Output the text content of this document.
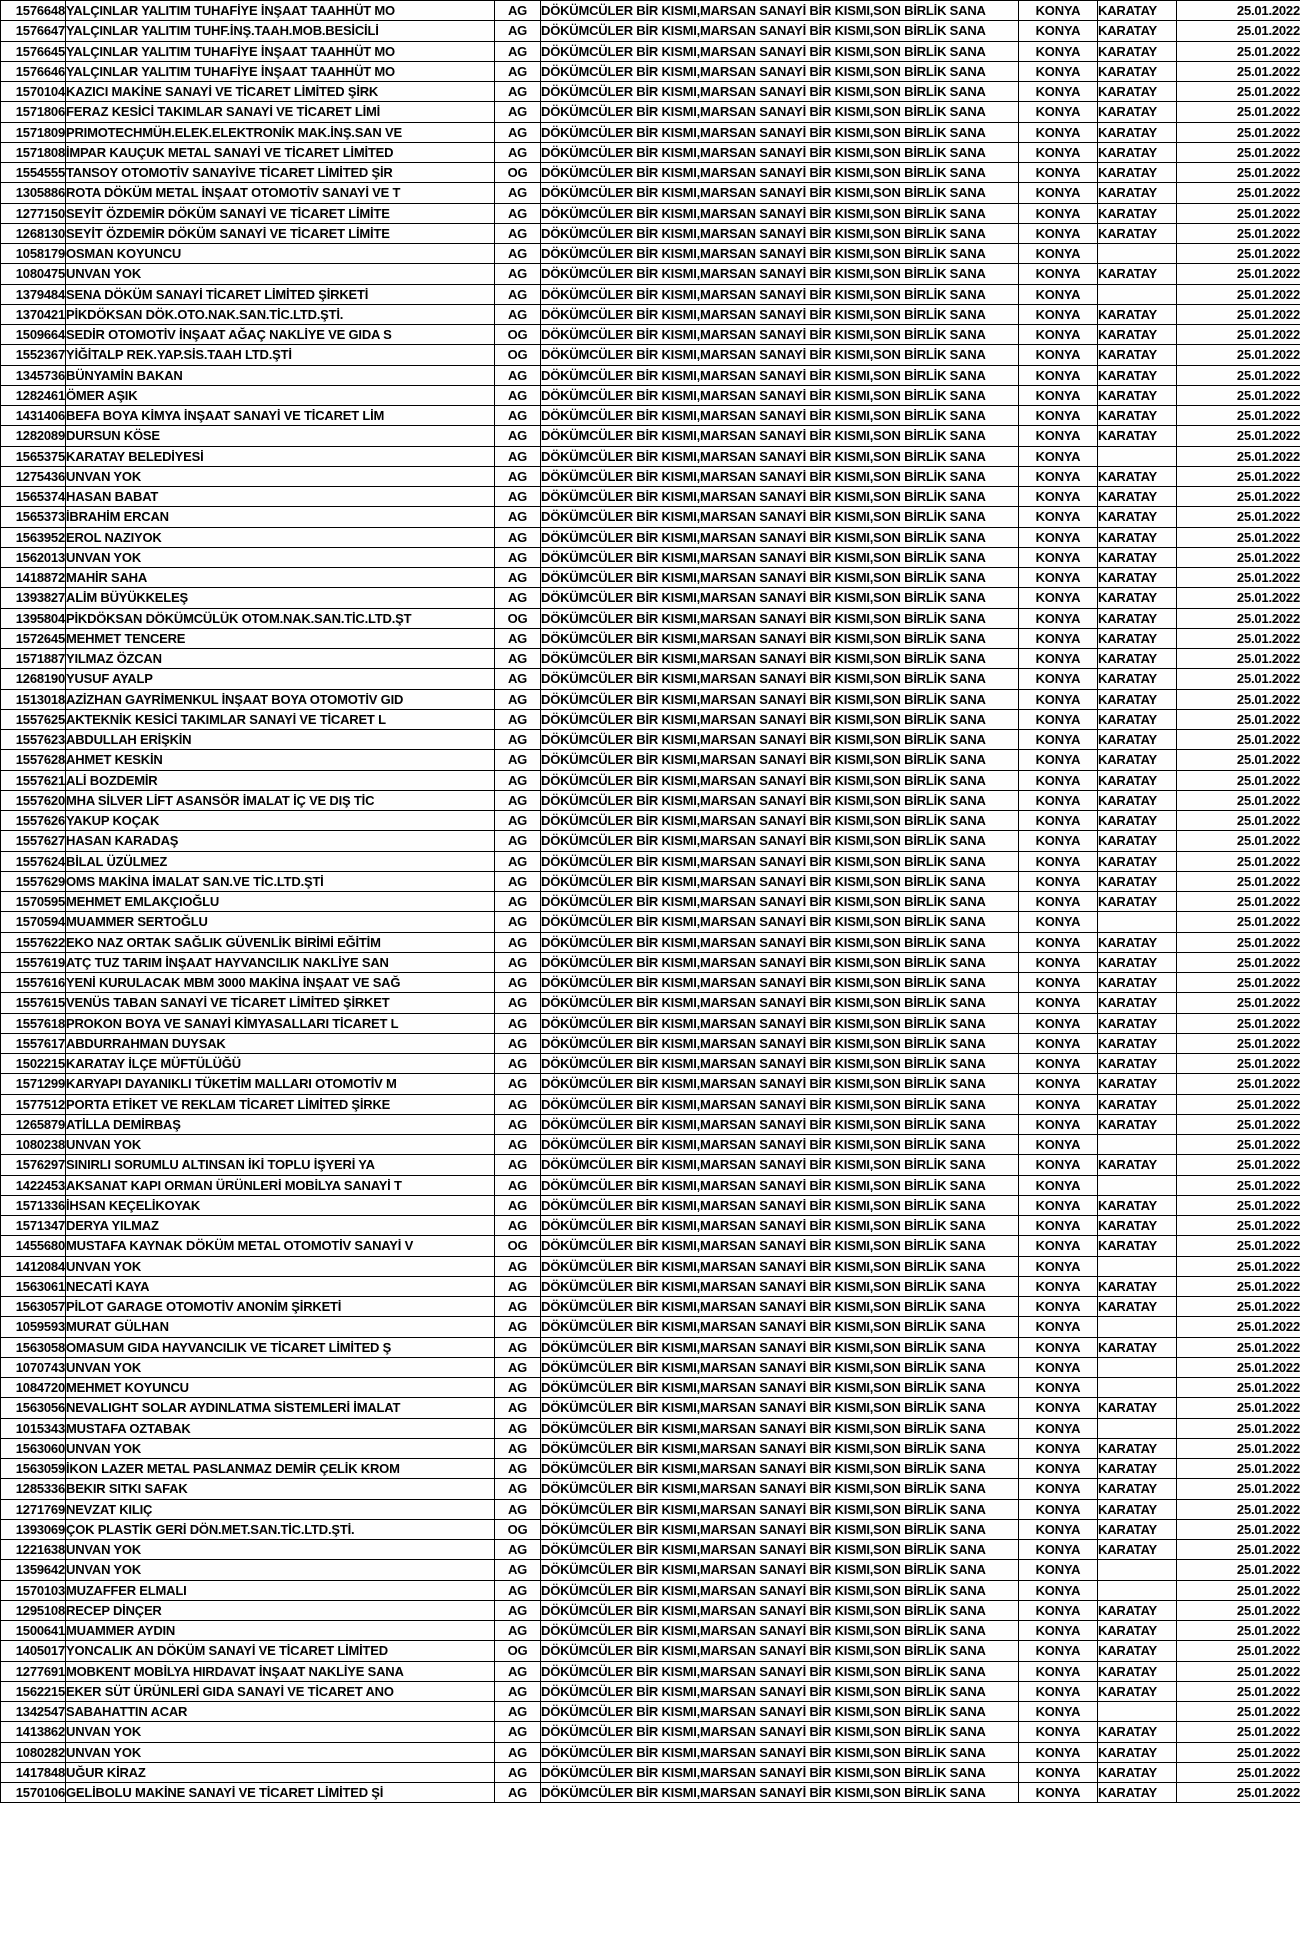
1576648	YALÇINLAR YALITIM TUHAFİYE İNŞAAT TAAHHÜT MO	AG	DÖKÜMCÜLER BİR KISMI,MARSAN SANAYİ BİR KISMI,SON BİRLİK SANA	KONYA	KARATAY	25.01.2022
1576647	YALÇINLAR YALITIM TUHF.İNŞ.TAAH.MOB.BESİCİLİ	AG	DÖKÜMCÜLER BİR KISMI,MARSAN SANAYİ BİR KISMI,SON BİRLİK SANA	KONYA	KARATAY	25.01.2022
1576645	YALÇINLAR YALITIM TUHAFİYE İNŞAAT TAAHHÜT MO	AG	DÖKÜMCÜLER BİR KISMI,MARSAN SANAYİ BİR KISMI,SON BİRLİK SANA	KONYA	KARATAY	25.01.2022
1576646	YALÇINLAR YALITIM TUHAFİYE İNŞAAT TAAHHÜT MO	AG	DÖKÜMCÜLER BİR KISMI,MARSAN SANAYİ BİR KISMI,SON BİRLİK SANA	KONYA	KARATAY	25.01.2022
1570104	KAZICI MAKİNE SANAYİ VE TİCARET LİMİTED ŞİRK	AG	DÖKÜMCÜLER BİR KISMI,MARSAN SANAYİ BİR KISMI,SON BİRLİK SANA	KONYA	KARATAY	25.01.2022
1571806	FERAZ KESİCİ TAKIMLAR SANAYİ VE TİCARET LİMİ	AG	DÖKÜMCÜLER BİR KISMI,MARSAN SANAYİ BİR KISMI,SON BİRLİK SANA	KONYA	KARATAY	25.01.2022
1571809	PRIMOTECHMÜH.ELEK.ELEKTRONİK MAK.İNŞ.SAN VE	AG	DÖKÜMCÜLER BİR KISMI,MARSAN SANAYİ BİR KISMI,SON BİRLİK SANA	KONYA	KARATAY	25.01.2022
1571808	İMPAR KAUÇUK METAL SANAYİ VE TİCARET LİMİTED	AG	DÖKÜMCÜLER BİR KISMI,MARSAN SANAYİ BİR KISMI,SON BİRLİK SANA	KONYA	KARATAY	25.01.2022
1554555	TANSOY OTOMOTİV SANAYİVE TİCARET LİMİTED ŞİR	OG	DÖKÜMCÜLER BİR KISMI,MARSAN SANAYİ BİR KISMI,SON BİRLİK SANA	KONYA	KARATAY	25.01.2022
1305886	ROTA DÖKÜM METAL İNŞAAT OTOMOTİV SANAYİ VE T	AG	DÖKÜMCÜLER BİR KISMI,MARSAN SANAYİ BİR KISMI,SON BİRLİK SANA	KONYA	KARATAY	25.01.2022
1277150	SEYİT ÖZDEMİR DÖKÜM SANAYİ VE TİCARET LİMİTE	AG	DÖKÜMCÜLER BİR KISMI,MARSAN SANAYİ BİR KISMI,SON BİRLİK SANA	KONYA	KARATAY	25.01.2022
1268130	SEYİT ÖZDEMİR DÖKÜM SANAYİ VE TİCARET LİMİTE	AG	DÖKÜMCÜLER BİR KISMI,MARSAN SANAYİ BİR KISMI,SON BİRLİK SANA	KONYA	KARATAY	25.01.2022
1058179	OSMAN KOYUNCU	AG	DÖKÜMCÜLER BİR KISMI,MARSAN SANAYİ BİR KISMI,SON BİRLİK SANA	KONYA		25.01.2022
1080475	UNVAN YOK	AG	DÖKÜMCÜLER BİR KISMI,MARSAN SANAYİ BİR KISMI,SON BİRLİK SANA	KONYA	KARATAY	25.01.2022
1379484	SENA DÖKÜM SANAYİ TİCARET LİMİTED ŞİRKETİ	AG	DÖKÜMCÜLER BİR KISMI,MARSAN SANAYİ BİR KISMI,SON BİRLİK SANA	KONYA		25.01.2022
1370421	PİKDÖKSAN DÖK.OTO.NAK.SAN.TİC.LTD.ŞTİ.	AG	DÖKÜMCÜLER BİR KISMI,MARSAN SANAYİ BİR KISMI,SON BİRLİK SANA	KONYA	KARATAY	25.01.2022
1509664	SEDİR OTOMOTİV İNŞAAT AĞAÇ NAKLİYE VE GIDA S	OG	DÖKÜMCÜLER BİR KISMI,MARSAN SANAYİ BİR KISMI,SON BİRLİK SANA	KONYA	KARATAY	25.01.2022
1552367	YİĞİTALP REK.YAP.SİS.TAAH LTD.ŞTİ	OG	DÖKÜMCÜLER BİR KISMI,MARSAN SANAYİ BİR KISMI,SON BİRLİK SANA	KONYA	KARATAY	25.01.2022
1345736	BÜNYAMİN BAKAN	AG	DÖKÜMCÜLER BİR KISMI,MARSAN SANAYİ BİR KISMI,SON BİRLİK SANA	KONYA	KARATAY	25.01.2022
1282461	ÖMER AŞIK	AG	DÖKÜMCÜLER BİR KISMI,MARSAN SANAYİ BİR KISMI,SON BİRLİK SANA	KONYA	KARATAY	25.01.2022
1431406	BEFA BOYA KİMYA İNŞAAT SANAYİ VE TİCARET LİM	AG	DÖKÜMCÜLER BİR KISMI,MARSAN SANAYİ BİR KISMI,SON BİRLİK SANA	KONYA	KARATAY	25.01.2022
1282089	DURSUN KÖSE	AG	DÖKÜMCÜLER BİR KISMI,MARSAN SANAYİ BİR KISMI,SON BİRLİK SANA	KONYA	KARATAY	25.01.2022
1565375	KARATAY BELEDİYESİ	AG	DÖKÜMCÜLER BİR KISMI,MARSAN SANAYİ BİR KISMI,SON BİRLİK SANA	KONYA		25.01.2022
1275436	UNVAN YOK	AG	DÖKÜMCÜLER BİR KISMI,MARSAN SANAYİ BİR KISMI,SON BİRLİK SANA	KONYA	KARATAY	25.01.2022
1565374	HASAN BABAT	AG	DÖKÜMCÜLER BİR KISMI,MARSAN SANAYİ BİR KISMI,SON BİRLİK SANA	KONYA	KARATAY	25.01.2022
1565373	İBRAHİM ERCAN	AG	DÖKÜMCÜLER BİR KISMI,MARSAN SANAYİ BİR KISMI,SON BİRLİK SANA	KONYA	KARATAY	25.01.2022
1563952	EROL NAZIYOK	AG	DÖKÜMCÜLER BİR KISMI,MARSAN SANAYİ BİR KISMI,SON BİRLİK SANA	KONYA	KARATAY	25.01.2022
1562013	UNVAN YOK	AG	DÖKÜMCÜLER BİR KISMI,MARSAN SANAYİ BİR KISMI,SON BİRLİK SANA	KONYA	KARATAY	25.01.2022
1418872	MAHİR SAHA	AG	DÖKÜMCÜLER BİR KISMI,MARSAN SANAYİ BİR KISMI,SON BİRLİK SANA	KONYA	KARATAY	25.01.2022
1393827	ALİM BÜYÜKKELEŞ	AG	DÖKÜMCÜLER BİR KISMI,MARSAN SANAYİ BİR KISMI,SON BİRLİK SANA	KONYA	KARATAY	25.01.2022
1395804	PİKDÖKSAN DÖKÜMCÜLÜK OTOM.NAK.SAN.TİC.LTD.ŞT	OG	DÖKÜMCÜLER BİR KISMI,MARSAN SANAYİ BİR KISMI,SON BİRLİK SANA	KONYA	KARATAY	25.01.2022
1572645	MEHMET TENCERE	AG	DÖKÜMCÜLER BİR KISMI,MARSAN SANAYİ BİR KISMI,SON BİRLİK SANA	KONYA	KARATAY	25.01.2022
1571887	YILMAZ ÖZCAN	AG	DÖKÜMCÜLER BİR KISMI,MARSAN SANAYİ BİR KISMI,SON BİRLİK SANA	KONYA	KARATAY	25.01.2022
1268190	YUSUF AYALP	AG	DÖKÜMCÜLER BİR KISMI,MARSAN SANAYİ BİR KISMI,SON BİRLİK SANA	KONYA	KARATAY	25.01.2022
1513018	AZİZHAN GAYRİMENKUL İNŞAAT BOYA OTOMOTİV GID	AG	DÖKÜMCÜLER BİR KISMI,MARSAN SANAYİ BİR KISMI,SON BİRLİK SANA	KONYA	KARATAY	25.01.2022
1557625	AKTEKNİK KESİCİ TAKIMLAR SANAYİ VE TİCARET L	AG	DÖKÜMCÜLER BİR KISMI,MARSAN SANAYİ BİR KISMI,SON BİRLİK SANA	KONYA	KARATAY	25.01.2022
1557623	ABDULLAH ERİŞKİN	AG	DÖKÜMCÜLER BİR KISMI,MARSAN SANAYİ BİR KISMI,SON BİRLİK SANA	KONYA	KARATAY	25.01.2022
1557628	AHMET KESKİN	AG	DÖKÜMCÜLER BİR KISMI,MARSAN SANAYİ BİR KISMI,SON BİRLİK SANA	KONYA	KARATAY	25.01.2022
1557621	ALİ BOZDEMİR	AG	DÖKÜMCÜLER BİR KISMI,MARSAN SANAYİ BİR KISMI,SON BİRLİK SANA	KONYA	KARATAY	25.01.2022
1557620	MHA SİLVER LİFT ASANSÖR İMALAT İÇ VE DIŞ TİC	AG	DÖKÜMCÜLER BİR KISMI,MARSAN SANAYİ BİR KISMI,SON BİRLİK SANA	KONYA	KARATAY	25.01.2022
1557626	YAKUP KOÇAK	AG	DÖKÜMCÜLER BİR KISMI,MARSAN SANAYİ BİR KISMI,SON BİRLİK SANA	KONYA	KARATAY	25.01.2022
1557627	HASAN KARADAŞ	AG	DÖKÜMCÜLER BİR KISMI,MARSAN SANAYİ BİR KISMI,SON BİRLİK SANA	KONYA	KARATAY	25.01.2022
1557624	BİLAL ÜZÜLMEZ	AG	DÖKÜMCÜLER BİR KISMI,MARSAN SANAYİ BİR KISMI,SON BİRLİK SANA	KONYA	KARATAY	25.01.2022
1557629	OMS MAKİNA İMALAT SAN.VE TİC.LTD.ŞTİ	AG	DÖKÜMCÜLER BİR KISMI,MARSAN SANAYİ BİR KISMI,SON BİRLİK SANA	KONYA	KARATAY	25.01.2022
1570595	MEHMET EMLAKÇIOĞLU	AG	DÖKÜMCÜLER BİR KISMI,MARSAN SANAYİ BİR KISMI,SON BİRLİK SANA	KONYA	KARATAY	25.01.2022
1570594	MUAMMER SERTOĞLU	AG	DÖKÜMCÜLER BİR KISMI,MARSAN SANAYİ BİR KISMI,SON BİRLİK SANA	KONYA		25.01.2022
1557622	EKO NAZ ORTAK SAĞLIK GÜVENLİK BİRİMİ EĞİTİM	AG	DÖKÜMCÜLER BİR KISMI,MARSAN SANAYİ BİR KISMI,SON BİRLİK SANA	KONYA	KARATAY	25.01.2022
1557619	ATÇ TUZ TARIM İNŞAAT HAYVANCILIK NAKLİYE SAN	AG	DÖKÜMCÜLER BİR KISMI,MARSAN SANAYİ BİR KISMI,SON BİRLİK SANA	KONYA	KARATAY	25.01.2022
1557616	YENİ KURULACAK MBM 3000 MAKİNA İNŞAAT VE SAĞ	AG	DÖKÜMCÜLER BİR KISMI,MARSAN SANAYİ BİR KISMI,SON BİRLİK SANA	KONYA	KARATAY	25.01.2022
1557615	VENÜS TABAN SANAYİ VE TİCARET LİMİTED ŞİRKET	AG	DÖKÜMCÜLER BİR KISMI,MARSAN SANAYİ BİR KISMI,SON BİRLİK SANA	KONYA	KARATAY	25.01.2022
1557618	PROKON BOYA VE SANAYİ KİMYASALLARI TİCARET L	AG	DÖKÜMCÜLER BİR KISMI,MARSAN SANAYİ BİR KISMI,SON BİRLİK SANA	KONYA	KARATAY	25.01.2022
1557617	ABDURRAHMAN DUYSAK	AG	DÖKÜMCÜLER BİR KISMI,MARSAN SANAYİ BİR KISMI,SON BİRLİK SANA	KONYA	KARATAY	25.01.2022
1502215	KARATAY İLÇE MÜFTÜLÜĞÜ	AG	DÖKÜMCÜLER BİR KISMI,MARSAN SANAYİ BİR KISMI,SON BİRLİK SANA	KONYA	KARATAY	25.01.2022
1571299	KARYAPI DAYANIKLI TÜKETİM MALLARI OTOMOTİV M	AG	DÖKÜMCÜLER BİR KISMI,MARSAN SANAYİ BİR KISMI,SON BİRLİK SANA	KONYA	KARATAY	25.01.2022
1577512	PORTA ETİKET VE REKLAM TİCARET LİMİTED ŞİRKE	AG	DÖKÜMCÜLER BİR KISMI,MARSAN SANAYİ BİR KISMI,SON BİRLİK SANA	KONYA	KARATAY	25.01.2022
1265879	ATİLLA DEMİRBAŞ	AG	DÖKÜMCÜLER BİR KISMI,MARSAN SANAYİ BİR KISMI,SON BİRLİK SANA	KONYA	KARATAY	25.01.2022
1080238	UNVAN YOK	AG	DÖKÜMCÜLER BİR KISMI,MARSAN SANAYİ BİR KISMI,SON BİRLİK SANA	KONYA		25.01.2022
1576297	SINIRLI SORUMLU ALTINSAN İKİ TOPLU İŞYERİ YA	AG	DÖKÜMCÜLER BİR KISMI,MARSAN SANAYİ BİR KISMI,SON BİRLİK SANA	KONYA	KARATAY	25.01.2022
1422453	AKSANAT KAPI ORMAN ÜRÜNLERİ MOBİLYA SANAYİ T	AG	DÖKÜMCÜLER BİR KISMI,MARSAN SANAYİ BİR KISMI,SON BİRLİK SANA	KONYA		25.01.2022
1571336	İHSAN KEÇELİKOYAK	AG	DÖKÜMCÜLER BİR KISMI,MARSAN SANAYİ BİR KISMI,SON BİRLİK SANA	KONYA	KARATAY	25.01.2022
1571347	DERYA YILMAZ	AG	DÖKÜMCÜLER BİR KISMI,MARSAN SANAYİ BİR KISMI,SON BİRLİK SANA	KONYA	KARATAY	25.01.2022
1455680	MUSTAFA KAYNAK DÖKÜM METAL OTOMOTİV SANAYİ V	OG	DÖKÜMCÜLER BİR KISMI,MARSAN SANAYİ BİR KISMI,SON BİRLİK SANA	KONYA	KARATAY	25.01.2022
1412084	UNVAN YOK	AG	DÖKÜMCÜLER BİR KISMI,MARSAN SANAYİ BİR KISMI,SON BİRLİK SANA	KONYA		25.01.2022
1563061	NECATİ KAYA	AG	DÖKÜMCÜLER BİR KISMI,MARSAN SANAYİ BİR KISMI,SON BİRLİK SANA	KONYA	KARATAY	25.01.2022
1563057	PİLOT GARAGE OTOMOTİV ANONİM ŞİRKETİ	AG	DÖKÜMCÜLER BİR KISMI,MARSAN SANAYİ BİR KISMI,SON BİRLİK SANA	KONYA	KARATAY	25.01.2022
1059593	MURAT GÜLHAN	AG	DÖKÜMCÜLER BİR KISMI,MARSAN SANAYİ BİR KISMI,SON BİRLİK SANA	KONYA		25.01.2022
1563058	OMASUM GIDA HAYVANCILIK VE TİCARET LİMİTED Ş	AG	DÖKÜMCÜLER BİR KISMI,MARSAN SANAYİ BİR KISMI,SON BİRLİK SANA	KONYA	KARATAY	25.01.2022
1070743	UNVAN YOK	AG	DÖKÜMCÜLER BİR KISMI,MARSAN SANAYİ BİR KISMI,SON BİRLİK SANA	KONYA		25.01.2022
1084720	MEHMET KOYUNCU	AG	DÖKÜMCÜLER BİR KISMI,MARSAN SANAYİ BİR KISMI,SON BİRLİK SANA	KONYA		25.01.2022
1563056	NEVALIGHT SOLAR AYDINLATMA SİSTEMLERİ İMALAT	AG	DÖKÜMCÜLER BİR KISMI,MARSAN SANAYİ BİR KISMI,SON BİRLİK SANA	KONYA	KARATAY	25.01.2022
1015343	MUSTAFA OZTABAK	AG	DÖKÜMCÜLER BİR KISMI,MARSAN SANAYİ BİR KISMI,SON BİRLİK SANA	KONYA		25.01.2022
1563060	UNVAN YOK	AG	DÖKÜMCÜLER BİR KISMI,MARSAN SANAYİ BİR KISMI,SON BİRLİK SANA	KONYA	KARATAY	25.01.2022
1563059	İKON LAZER METAL PASLANMAZ DEMİR ÇELİK KROM	AG	DÖKÜMCÜLER BİR KISMI,MARSAN SANAYİ BİR KISMI,SON BİRLİK SANA	KONYA	KARATAY	25.01.2022
1285336	BEKIR SITKI SAFAK	AG	DÖKÜMCÜLER BİR KISMI,MARSAN SANAYİ BİR KISMI,SON BİRLİK SANA	KONYA	KARATAY	25.01.2022
1271769	NEVZAT KILIÇ	AG	DÖKÜMCÜLER BİR KISMI,MARSAN SANAYİ BİR KISMI,SON BİRLİK SANA	KONYA	KARATAY	25.01.2022
1393069	ÇOK PLASTİK GERİ DÖN.MET.SAN.TİC.LTD.ŞTİ.	OG	DÖKÜMCÜLER BİR KISMI,MARSAN SANAYİ BİR KISMI,SON BİRLİK SANA	KONYA	KARATAY	25.01.2022
1221638	UNVAN YOK	AG	DÖKÜMCÜLER BİR KISMI,MARSAN SANAYİ BİR KISMI,SON BİRLİK SANA	KONYA	KARATAY	25.01.2022
1359642	UNVAN YOK	AG	DÖKÜMCÜLER BİR KISMI,MARSAN SANAYİ BİR KISMI,SON BİRLİK SANA	KONYA		25.01.2022
1570103	MUZAFFER ELMALI	AG	DÖKÜMCÜLER BİR KISMI,MARSAN SANAYİ BİR KISMI,SON BİRLİK SANA	KONYA		25.01.2022
1295108	RECEP DİNÇER	AG	DÖKÜMCÜLER BİR KISMI,MARSAN SANAYİ BİR KISMI,SON BİRLİK SANA	KONYA	KARATAY	25.01.2022
1500641	MUAMMER AYDIN	AG	DÖKÜMCÜLER BİR KISMI,MARSAN SANAYİ BİR KISMI,SON BİRLİK SANA	KONYA	KARATAY	25.01.2022
1405017	YONCALIK AN DÖKÜM SANAYİ VE TİCARET LİMİTED	OG	DÖKÜMCÜLER BİR KISMI,MARSAN SANAYİ BİR KISMI,SON BİRLİK SANA	KONYA	KARATAY	25.01.2022
1277691	MOBKENT MOBİLYA HIRDAVAT İNŞAAT NAKLİYE SANA	AG	DÖKÜMCÜLER BİR KISMI,MARSAN SANAYİ BİR KISMI,SON BİRLİK SANA	KONYA	KARATAY	25.01.2022
1562215	EKER SÜT ÜRÜNLERİ GIDA SANAYİ VE TİCARET ANO	AG	DÖKÜMCÜLER BİR KISMI,MARSAN SANAYİ BİR KISMI,SON BİRLİK SANA	KONYA	KARATAY	25.01.2022
1342547	SABAHATTIN ACAR	AG	DÖKÜMCÜLER BİR KISMI,MARSAN SANAYİ BİR KISMI,SON BİRLİK SANA	KONYA		25.01.2022
1413862	UNVAN YOK	AG	DÖKÜMCÜLER BİR KISMI,MARSAN SANAYİ BİR KISMI,SON BİRLİK SANA	KONYA	KARATAY	25.01.2022
1080282	UNVAN YOK	AG	DÖKÜMCÜLER BİR KISMI,MARSAN SANAYİ BİR KISMI,SON BİRLİK SANA	KONYA	KARATAY	25.01.2022
1417848	UĞUR KİRAZ	AG	DÖKÜMCÜLER BİR KISMI,MARSAN SANAYİ BİR KISMI,SON BİRLİK SANA	KONYA	KARATAY	25.01.2022
1570106	GELİBOLU MAKİNE SANAYİ VE TİCARET LİMİTED Şİ	AG	DÖKÜMCÜLER BİR KISMI,MARSAN SANAYİ BİR KISMI,SON BİRLİK SANA	KONYA	KARATAY	25.01.2022
